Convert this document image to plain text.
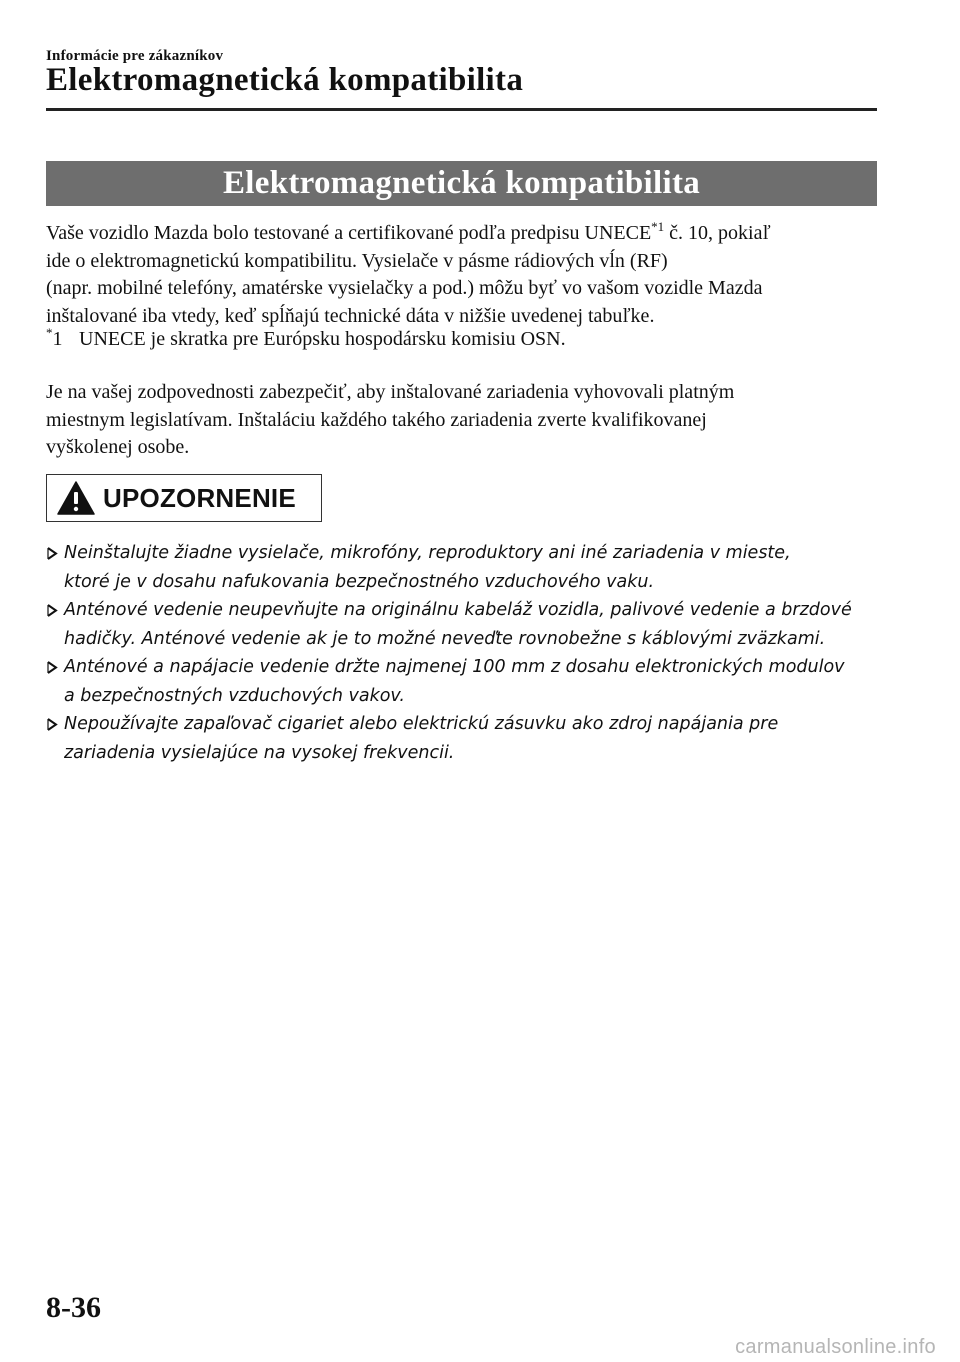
Informácie pre zákazníkov
Elektromagnetická kompatibilita
Elektromagnetická kompatibilita

Vaše vozidlo Mazda bolo testované a certifikované podľa predpisu UNECE$^{*1}$ č. 10, pokiaľ
ide o elektromagnetickú kompatibilitu. Vysielače v pásme rádiových vĺn (RF)
(napr. mobilné telefóny, amatérske vysielačky a pod.) môžu byť vo vašom vozidle Mazda
inštalované iba vtedy, keď spĺňajú technické dáta v nižšie uvedenej tabuľke.

*1 UNECE je skratka pre Európsku hospodársku komisiu OSN.

Je na vašej zodpovednosti zabezpečiť, aby inštalované zariadenia vyhovovali platným
miestnym legislatívam. Inštaláciu každého takého zariadenia zverte kvalifikovanej
vyškolenej osobe.

UPOZORNENIE
Neinštalujte žiadne vysielače, mikrofóny, reproduktory ani iné zariadenia v mieste,
ktoré je v dosahu nafukovania bezpečnostného vzduchového vaku.
Anténové vedenie neupevňujte na originálnu kabeláž vozidla, palivové vedenie a brzdové
hadičky. Anténové vedenie ak je to možné neveďte rovnobežne s káblovými zväzkami.
Anténové a napájacie vedenie držte najmenej 100 mm z dosahu elektronických modulov
a bezpečnostných vzduchových vakov.
Nepoužívajte zapaľovač cigariet alebo elektrickú zásuvku ako zdroj napájania pre
zariadenia vysielajúce na vysokej frekvencii.
8-36
carmanualsonline.info
